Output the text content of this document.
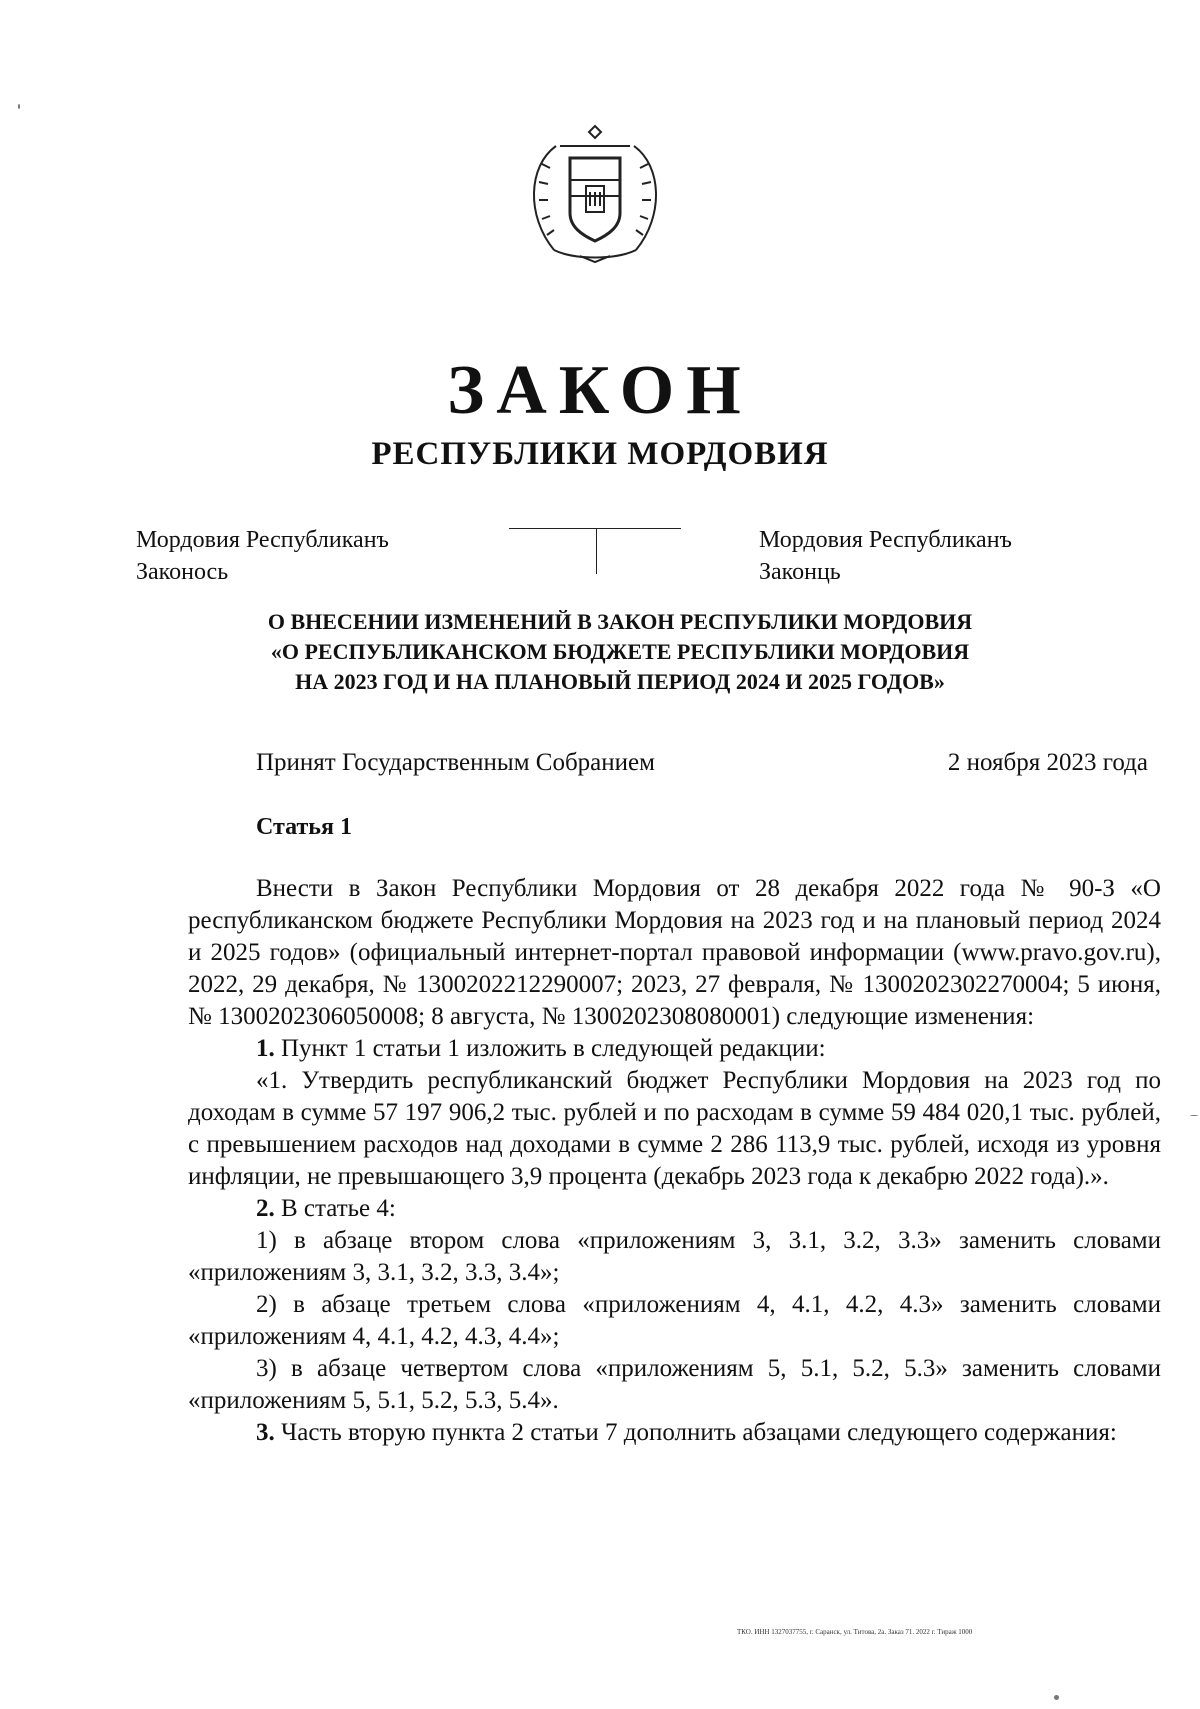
ЗАКОН
РЕСПУБЛИКИ МОРДОВИЯ
Мордовия Республиканъ
Законось
Мордовия Республиканъ
Законць
О ВНЕСЕНИИ ИЗМЕНЕНИЙ В ЗАКОН РЕСПУБЛИКИ МОРДОВИЯ
«О РЕСПУБЛИКАНСКОМ БЮДЖЕТЕ РЕСПУБЛИКИ МОРДОВИЯ
НА 2023 ГОД И НА ПЛАНОВЫЙ ПЕРИОД 2024 И 2025 ГОДОВ»
Принят Государственным Собранием	2 ноября 2023 года
Статья 1

Внести в Закон Республики Мордовия от 28 декабря 2022 года № 90-З «О республиканском бюджете Республики Мордовия на 2023 год и на плановый период 2024 и 2025 годов» (официальный интернет-портал правовой информации (www.pravo.gov.ru), 2022, 29 декабря, № 1300202212290007; 2023, 27 февраля, № 1300202302270004; 5 июня, № 1300202306050008; 8 августа, № 1300202308080001) следующие изменения:

1. Пункт 1 статьи 1 изложить в следующей редакции:

«1. Утвердить республиканский бюджет Республики Мордовия на 2023 год по доходам в сумме 57 197 906,2 тыс. рублей и по расходам в сумме 59 484 020,1 тыс. рублей, с превышением расходов над доходами в сумме 2 286 113,9 тыс. рублей, исходя из уровня инфляции, не превышающего 3,9 процента (декабрь 2023 года к декабрю 2022 года).».

2. В статье 4:

1) в абзаце втором слова «приложениям 3, 3.1, 3.2, 3.3» заменить словами «приложениям 3, 3.1, 3.2, 3.3, 3.4»;

2) в абзаце третьем слова «приложениям 4, 4.1, 4.2, 4.3» заменить словами «приложениям 4, 4.1, 4.2, 4.3, 4.4»;

3) в абзаце четвертом слова «приложениям 5, 5.1, 5.2, 5.3» заменить словами «приложениям 5, 5.1, 5.2, 5.3, 5.4».

3. Часть вторую пункта 2 статьи 7 дополнить абзацами следующего содержания:

ТКО. ИНН 1327037755, г. Саранск, ул. Титова, 2а. Заказ 71. 2022 г. Тираж 1000
